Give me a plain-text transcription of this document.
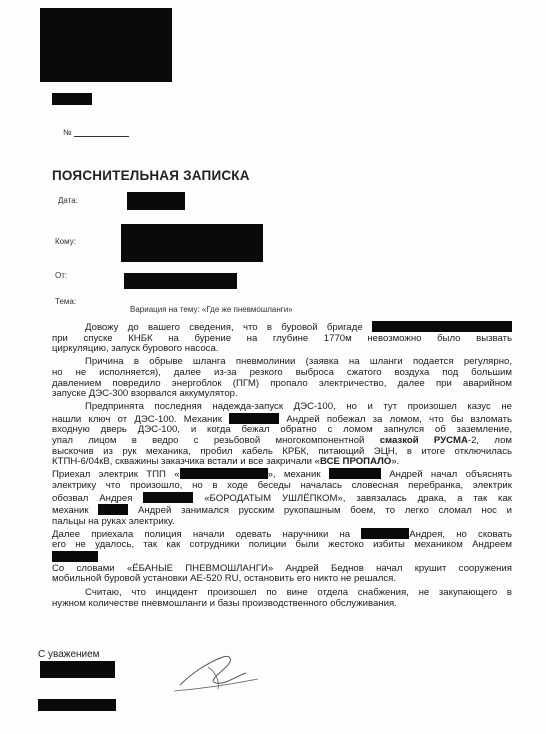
№
ПОЯСНИТЕЛЬНАЯ ЗАПИСКА
Дата:
Кому:
От:
Тема:
Вариация на тему: «Где же пневмошланги»

Довожу до вашего сведения, что в буровой бригаде
при спуске КНБК на бурение на глубине 1770м невозможно было вызвать
циркуляцию, запуск бурового насоса.

Причина в обрыве шланга пневмолинии (заявка на шланги подается регулярно,
но не исполняется), далее из-за резкого выброса сжатого воздуха под большим
давлением повредило энергоблок (ПГМ) пропало электричество, далее при аварийном
запуске ДЭС-300 взорвался аккумулятор.

Предпринята последняя надежда-запуск ДЭС-100, но и тут произошел казус не
нашли ключ от ДЭС-100. Механик	Андрей побежал за ломом, что бы взломать
входную дверь ДЭС-100, и когда бежал обратно с ломом запнулся об заземление,
упал лицом в ведро с резьбовой многокомпонентной смазкой РУСМА-2, лом
выскочив из рук механика, пробил кабель КРБК, питающий ЭЦН, в итоге отключилась
КТПН-6/04кВ, скважины заказчика встали и все закричали «ВСЕ ПРОПАЛО».

Приехал электрик ТПП «	», механик	Андрей начал объяснять
электрику что произошло, но в ходе беседы началась словесная перебранка, электрик
обозвал Андрея	«БОРОДАТЫМ УШЛЁПКОМ», завязалась драка, а так как
механик	Андрей занимался русским рукопашным боем, то легко сломал нос и
пальцы на руках электрику.

Далее приехала полиция начали одевать наручники на	Андрея, но сковать
его не удалось, так как сотрудники полиции были жестоко избиты механиком Андреем

Со словами «ЁБАНЫЕ ПНЕВМОШЛАНГИ» Андрей Беднов начал крушит сооружения
мобильной буровой установки АЕ-520 RU, остановить его никто не решался.

Считаю, что инцидент произошел по вине отдела снабжения, не закупающего в
нужном количестве пневмошланги и базы производственного обслуживания.

С уважением
